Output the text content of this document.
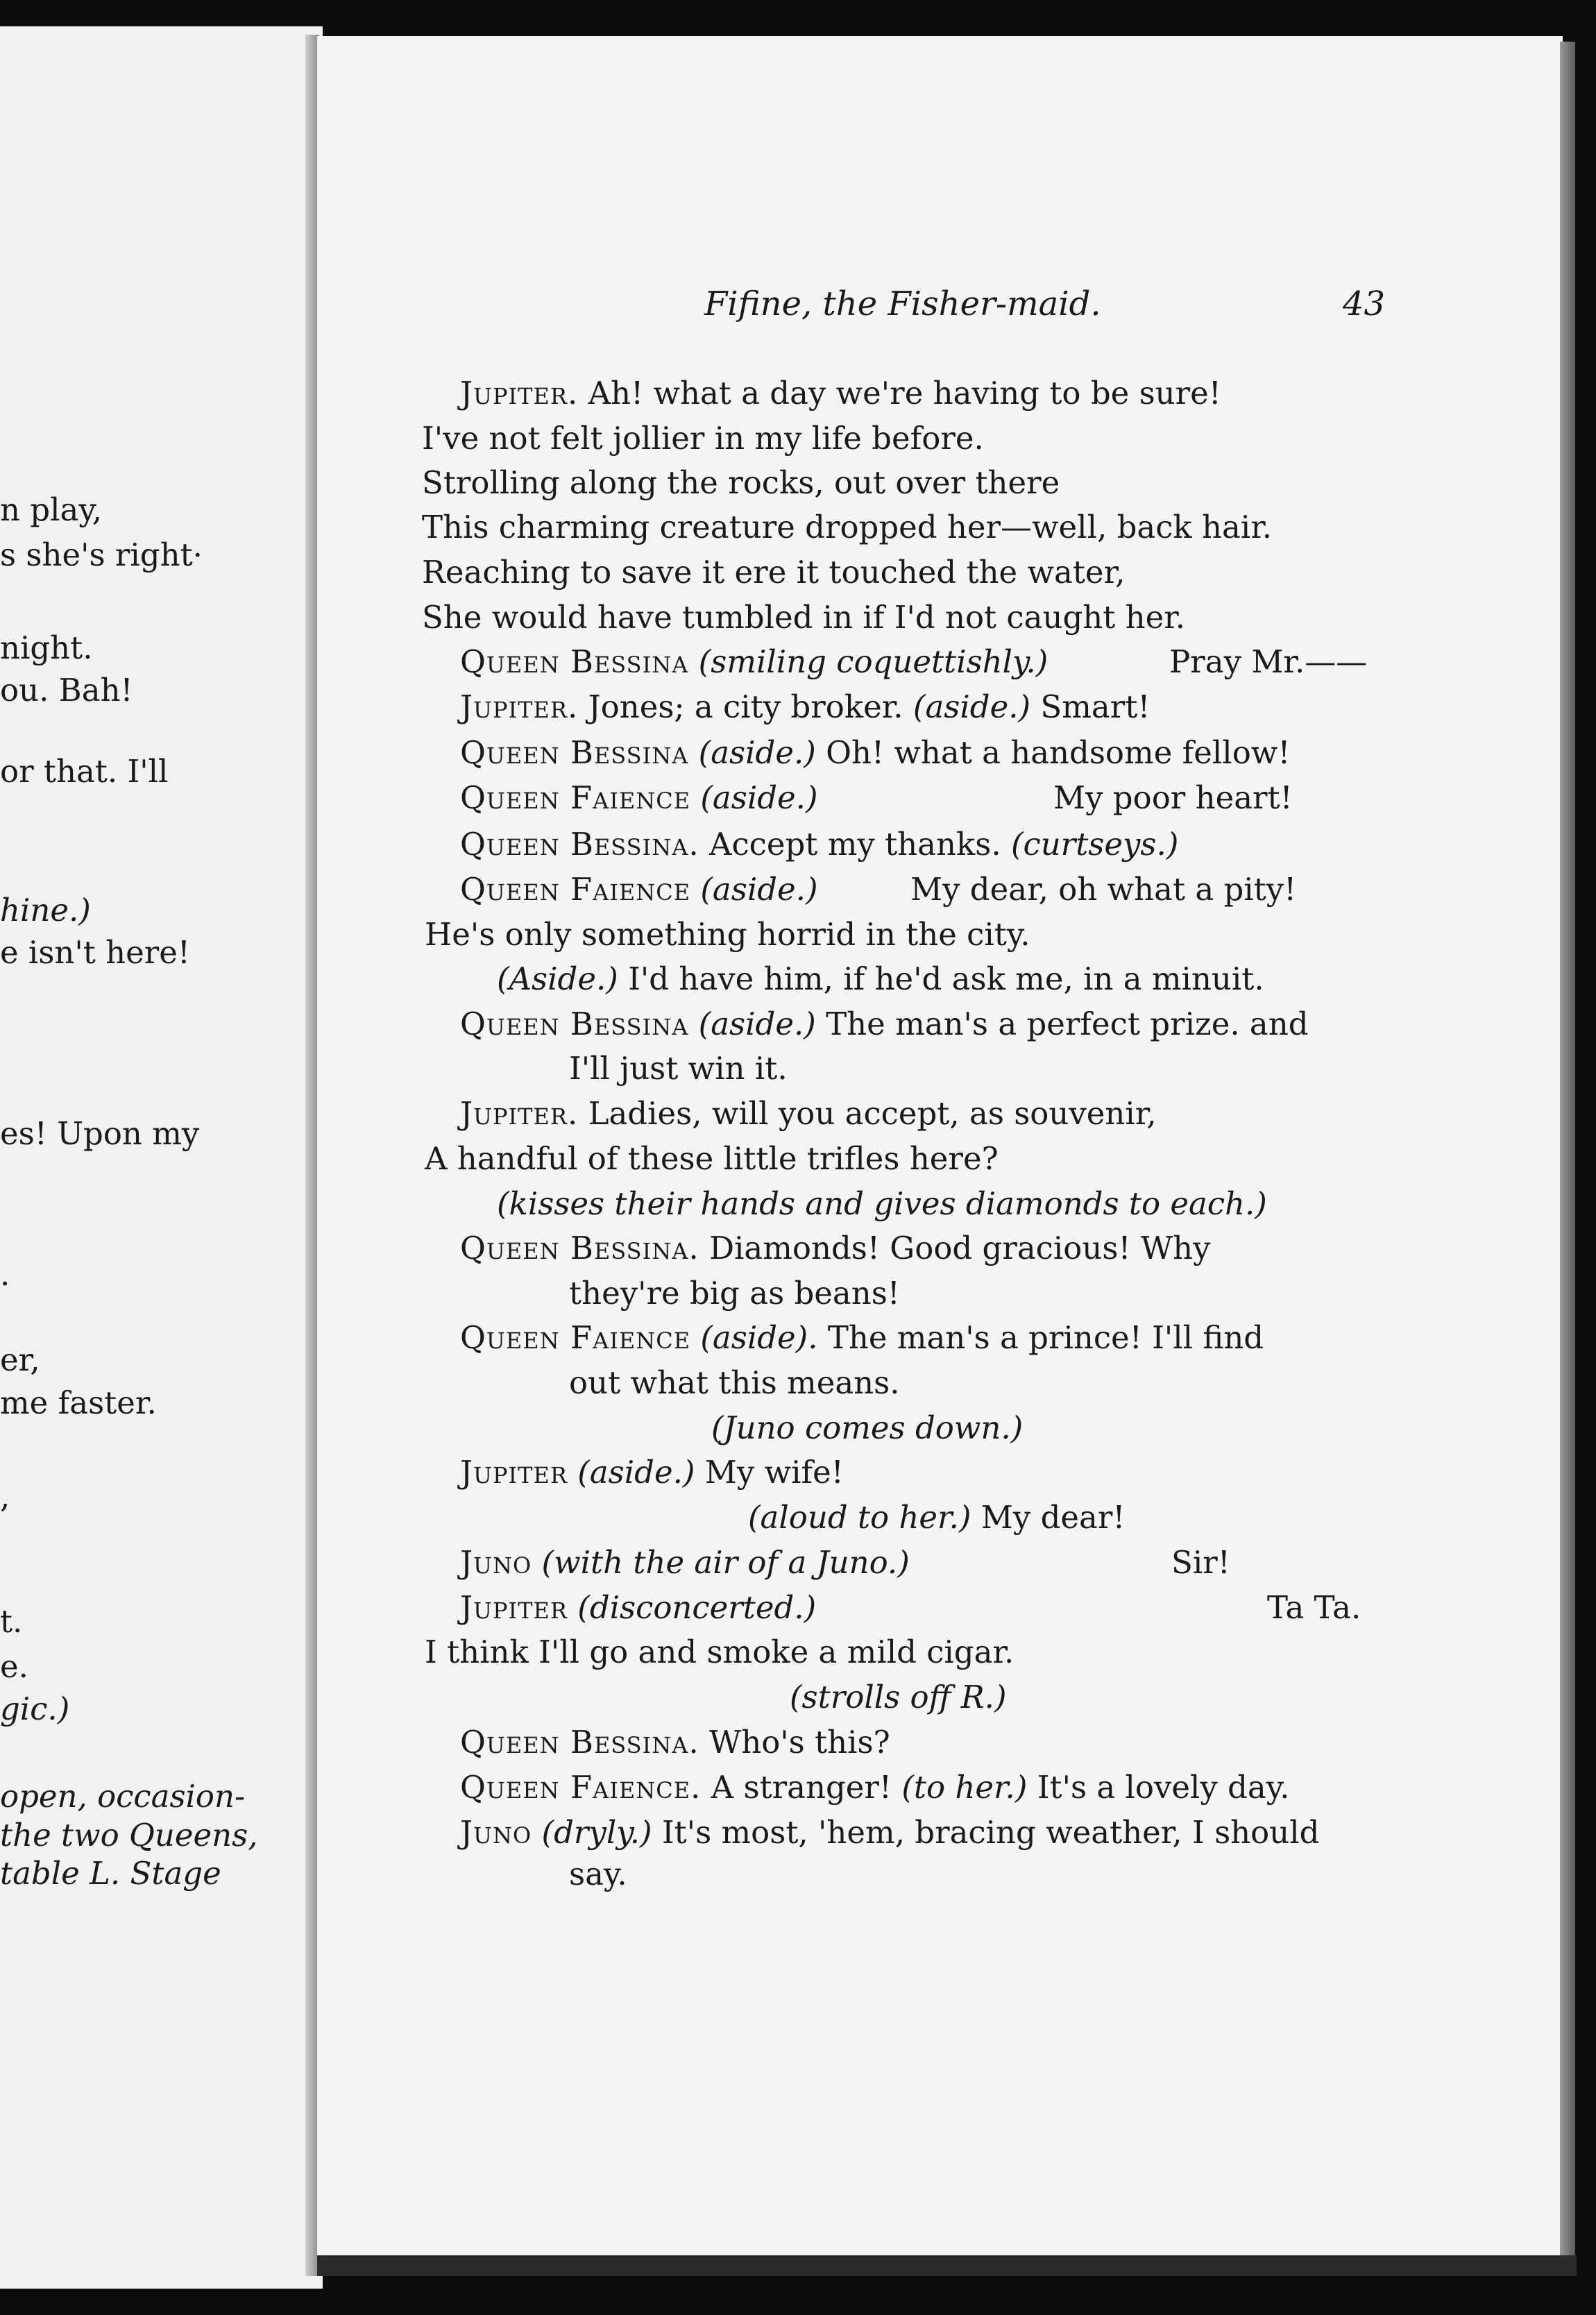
n play,
s she's right·
night.
ou. Bah!
or that. I'll
hine.)
e isn't here!
es! Upon my
.
er,
me faster.
,
t.
e.
gic.)
open, occasion-
the two Queens,
table L. Stage
Fifine, the Fisher-maid.	43
Jupiter. Ah! what a day we're having to be sure!
I've not felt jollier in my life before.
Strolling along the rocks, out over there
This charming creature dropped her—well, back hair.
Reaching to save it ere it touched the water,
She would have tumbled in if I'd not caught her.
Queen Bessina (smiling coquettishly.)	Pray Mr.——
Jupiter. Jones; a city broker. (aside.) Smart!
Queen Bessina (aside.) Oh! what a handsome fellow!
Queen Faience (aside.)	My poor heart!
Queen Bessina. Accept my thanks. (curtseys.)
Queen Faience (aside.)	My dear, oh what a pity!
He's only something horrid in the city.
(Aside.) I'd have him, if he'd ask me, in a minuit.
Queen Bessina (aside.) The man's a perfect prize. and
I'll just win it.
Jupiter. Ladies, will you accept, as souvenir,
A handful of these little trifles here?
(kisses their hands and gives diamonds to each.)
Queen Bessina. Diamonds! Good gracious! Why
they're big as beans!
Queen Faience (aside). The man's a prince! I'll find
out what this means.
(Juno comes down.)
Jupiter (aside.) My wife!
(aloud to her.) My dear!
Juno (with the air of a Juno.)	Sir!
Jupiter (disconcerted.)	Ta Ta.
I think I'll go and smoke a mild cigar.
(strolls off R.)
Queen Bessina. Who's this?
Queen Faience. A stranger! (to her.) It's a lovely day.
Juno (dryly.) It's most, 'hem, bracing weather, I should
say.
